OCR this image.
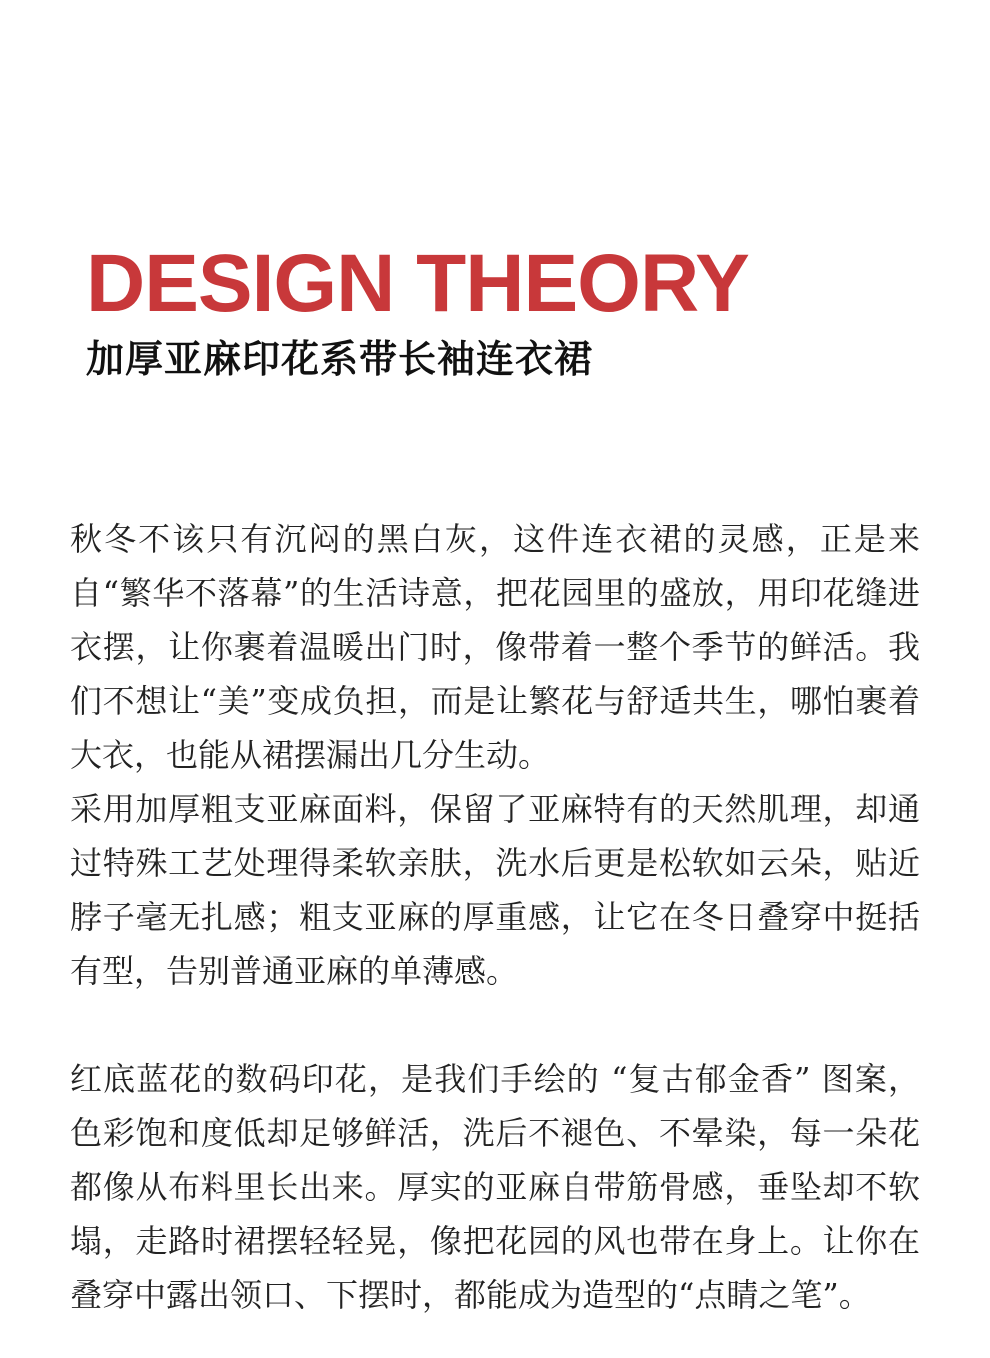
DESIGN THEORY
加厚亚麻印花系带长袖连衣裙

秋冬不该只有沉闷的黑白灰，这件连衣裙的灵感，正是来自“繁华不落幕”的生活诗意，把花园里的盛放，用印花缝进衣摆，让你裹着温暖出门时，像带着一整个季节的鲜活。我们不想让“美”变成负担，而是让繁花与舒适共生，哪怕裹着大衣，也能从裙摆漏出几分生动。

采用加厚粗支亚麻面料，保留了亚麻特有的天然肌理，却通过特殊工艺处理得柔软亲肤，洗水后更是松软如云朵，贴近脖子毫无扎感；粗支亚麻的厚重感，让它在冬日叠穿中挺括有型，告别普通亚麻的单薄感。

红底蓝花的数码印花，是我们手绘的 “复古郁金香” 图案，色彩饱和度低却足够鲜活，洗后不褪色、不晕染，每一朵花都像从布料里长出来。厚实的亚麻自带筋骨感，垂坠却不软塌，走路时裙摆轻轻晃，像把花园的风也带在身上。让你在叠穿中露出领口、下摆时，都能成为造型的“点睛之笔”。
